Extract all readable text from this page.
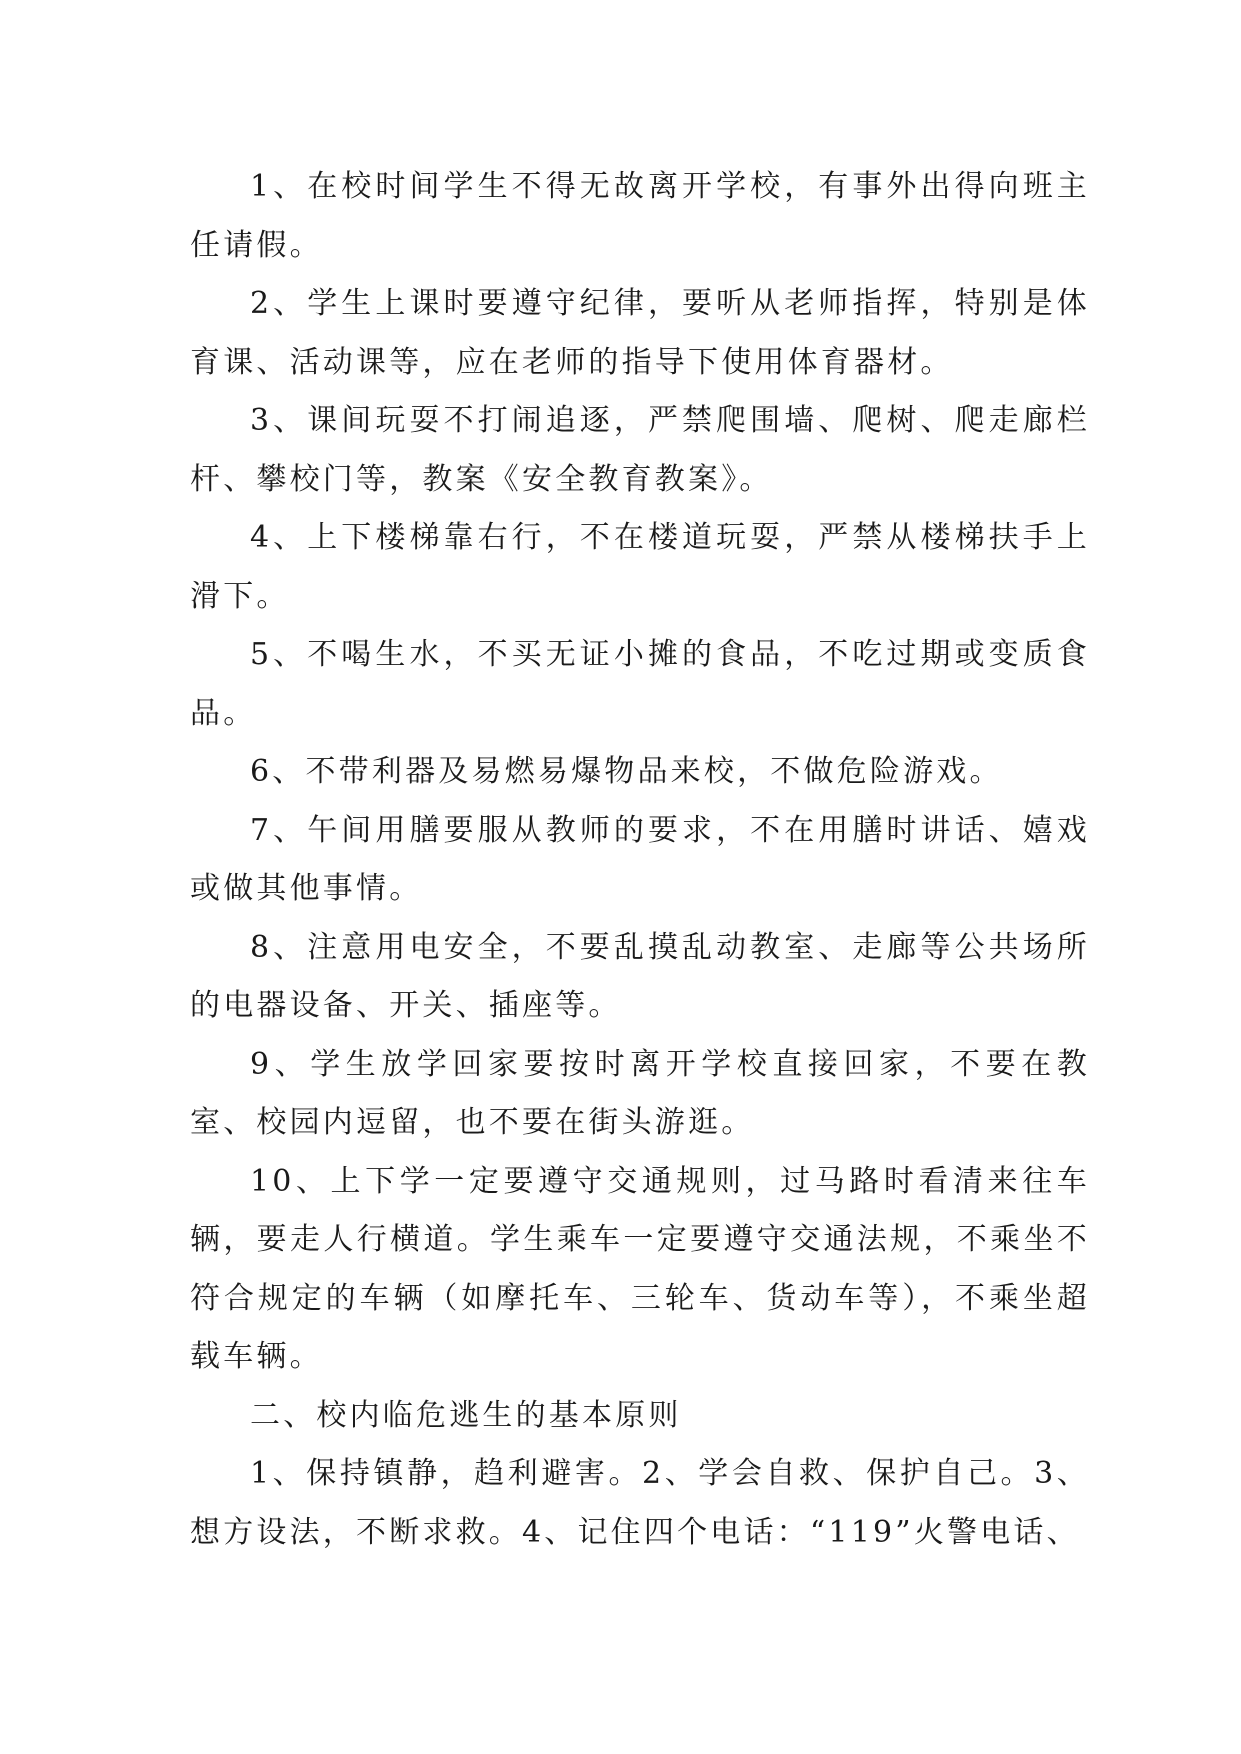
1、在校时间学生不得无故离开学校，有事外出得向班主任请假。

2、学生上课时要遵守纪律，要听从老师指挥，特别是体育课、活动课等，应在老师的指导下使用体育器材。

3、课间玩耍不打闹追逐，严禁爬围墙、爬树、爬走廊栏杆、攀校门等，教案《安全教育教案》。

4、上下楼梯靠右行，不在楼道玩耍，严禁从楼梯扶手上滑下。

5、不喝生水，不买无证小摊的食品，不吃过期或变质食品。

6、不带利器及易燃易爆物品来校，不做危险游戏。

7、午间用膳要服从教师的要求，不在用膳时讲话、嬉戏或做其他事情。

8、注意用电安全，不要乱摸乱动教室、走廊等公共场所的电器设备、开关、插座等。

9、学生放学回家要按时离开学校直接回家，不要在教室、校园内逗留，也不要在街头游逛。

10、上下学一定要遵守交通规则，过马路时看清来往车辆，要走人行横道。学生乘车一定要遵守交通法规，不乘坐不符合规定的车辆（如摩托车、三轮车、货动车等），不乘坐超载车辆。

二、校内临危逃生的基本原则

1、保持镇静，趋利避害。2、学会自救、保护自己。3、想方设法，不断求救。4、记住四个电话：“119”火警电话、
